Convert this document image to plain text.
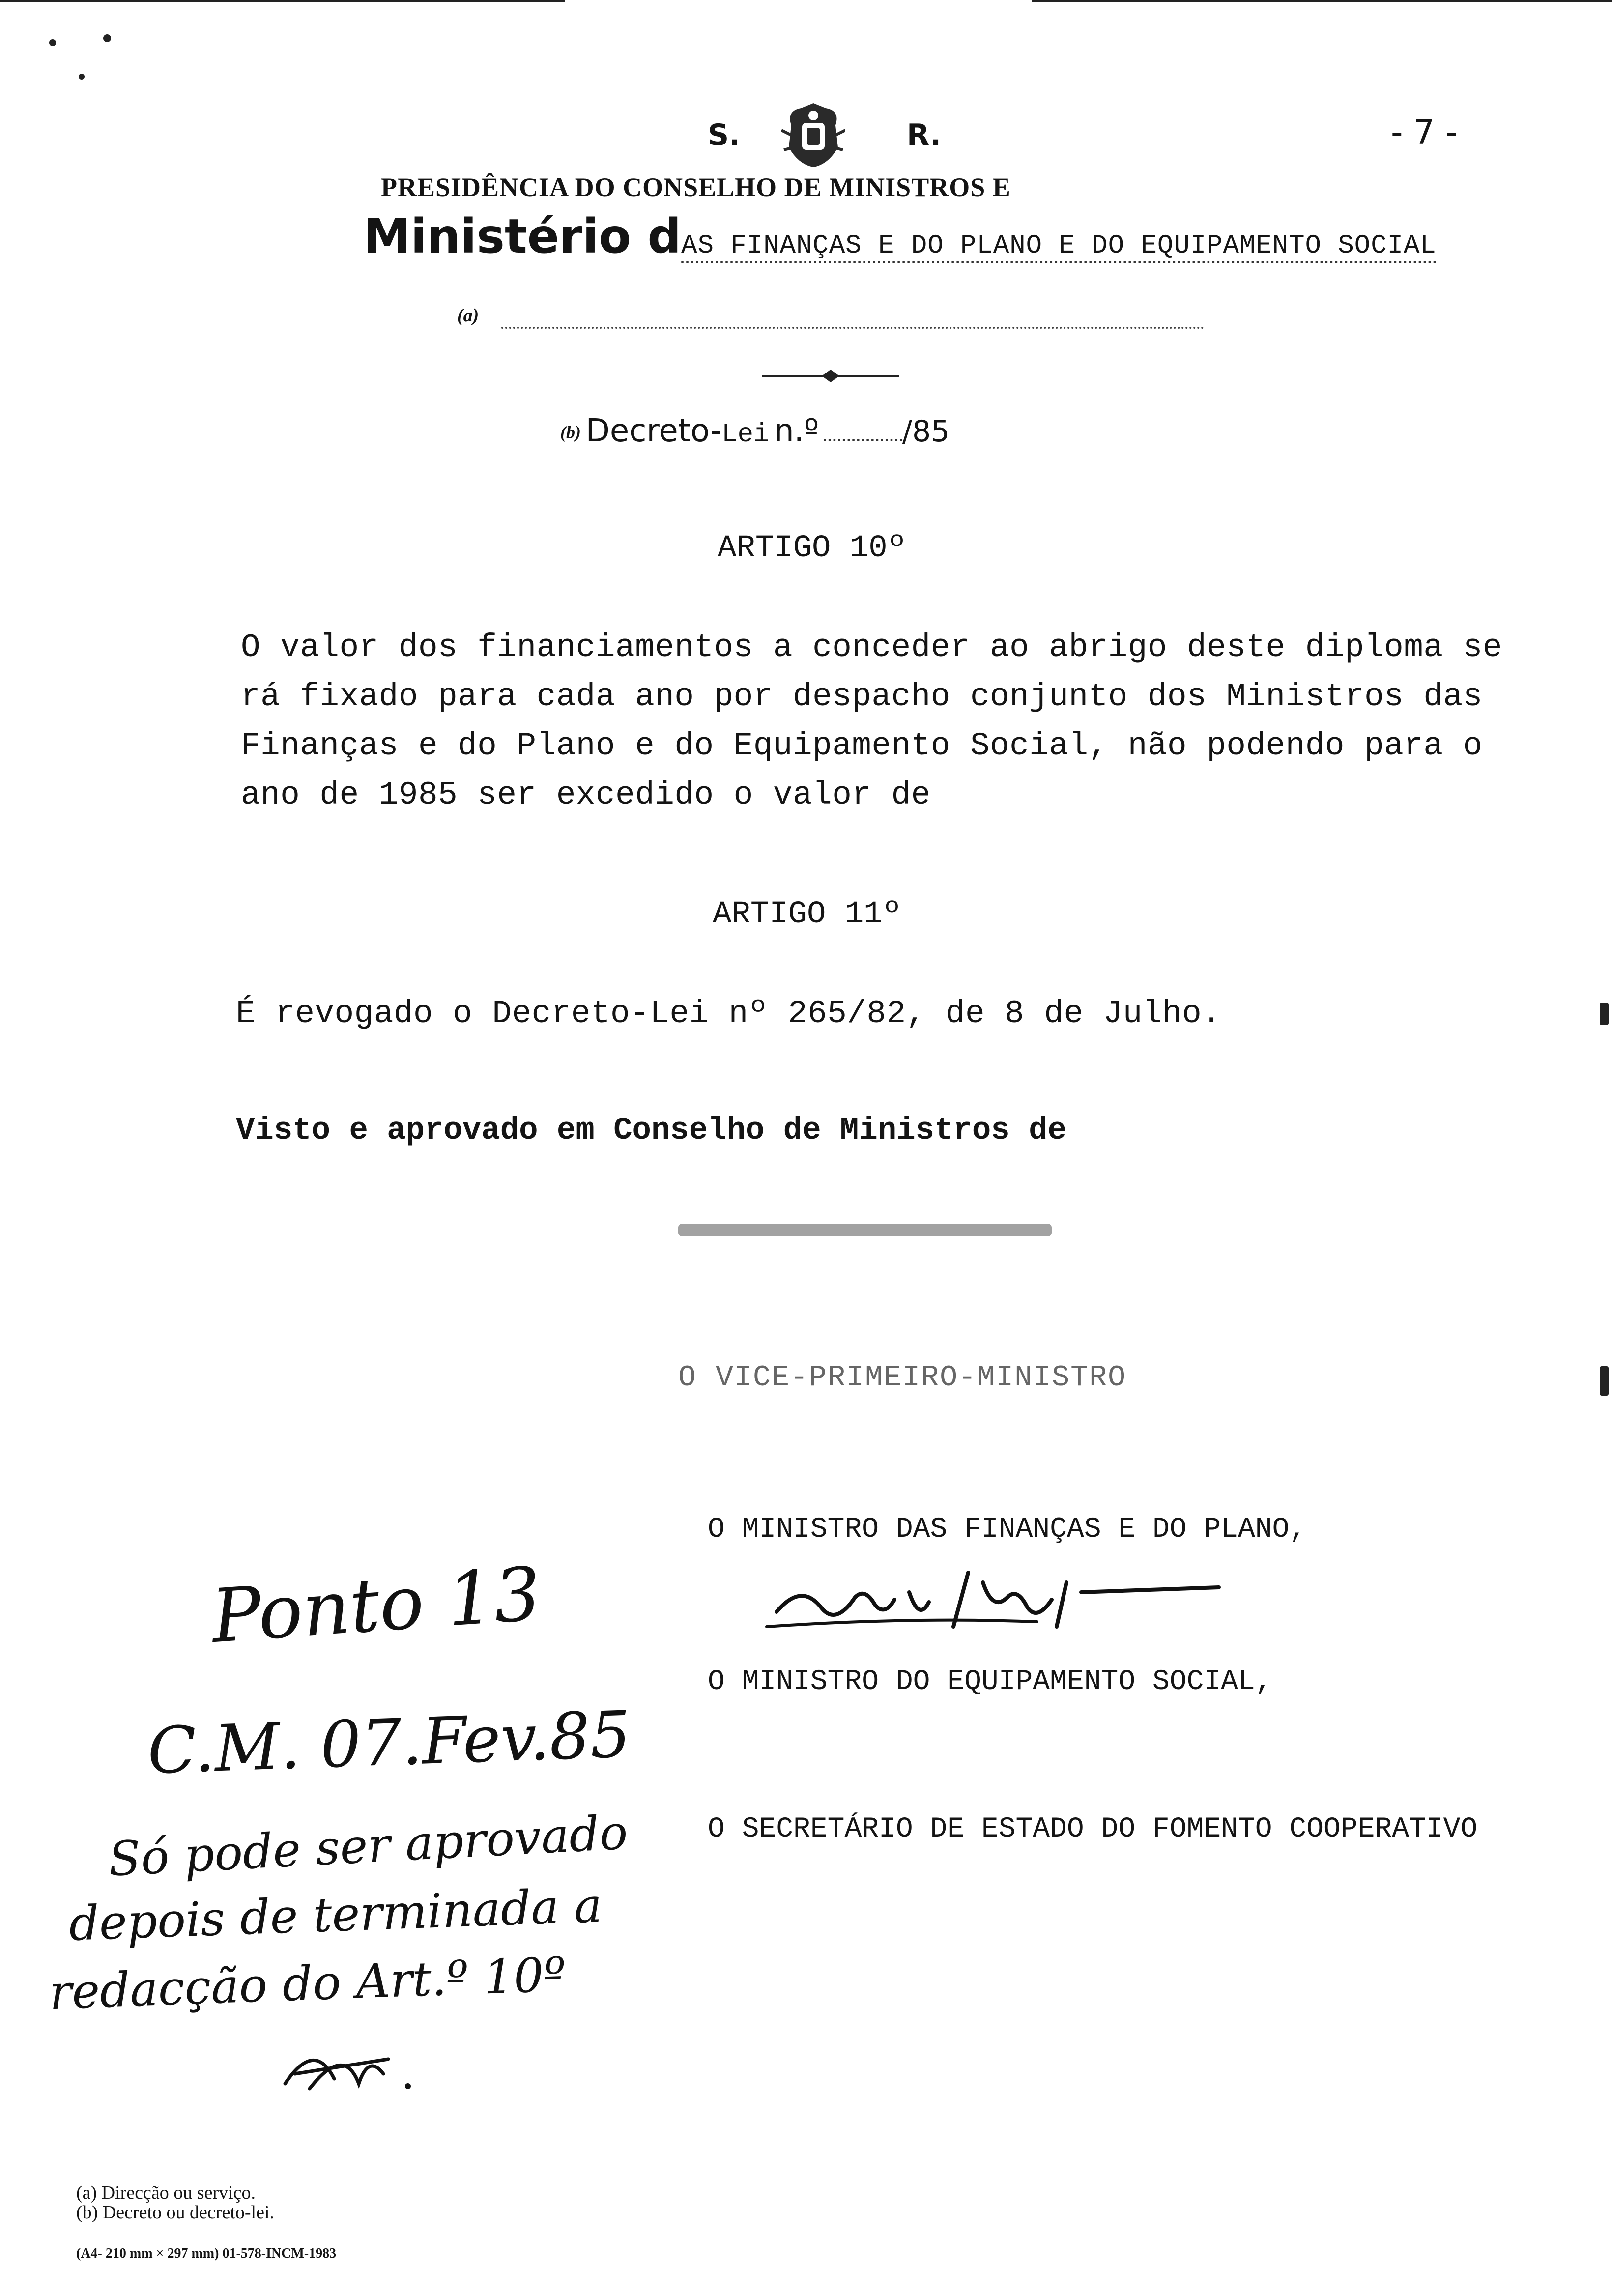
S.	R.	- 7 -
PRESIDÊNCIA DO CONSELHO DE MINISTROS E
Ministério dAS FINANÇAS E DO PLANO E DO EQUIPAMENTO SOCIAL
(a)
(b) Decreto-Lei n.º	/85
ARTIGO 10º
O valor dos financiamentos a conceder ao abrigo deste diploma se
rá fixado para cada ano por despacho conjunto dos Ministros das
Finanças e do Plano e do Equipamento Social, não podendo para o
ano de 1985 ser excedido o valor de
ARTIGO 11º
É revogado o Decreto-Lei nº 265/82, de 8 de Julho.
Visto e aprovado em Conselho de Ministros de
O VICE-PRIMEIRO-MINISTRO
O MINISTRO DAS FINANÇAS E DO PLANO,
O MINISTRO DO EQUIPAMENTO SOCIAL,
O SECRETÁRIO DE ESTADO DO FOMENTO COOPERATIVO
Ponto 13
C.M. 07.Fev.85
Só pode ser aprovado
depois de terminada a
redacção do Art.º 10º
(a) Direcção ou serviço.
(b) Decreto ou decreto-lei.
(A4- 210 mm × 297 mm) 01-578-INCM-1983
